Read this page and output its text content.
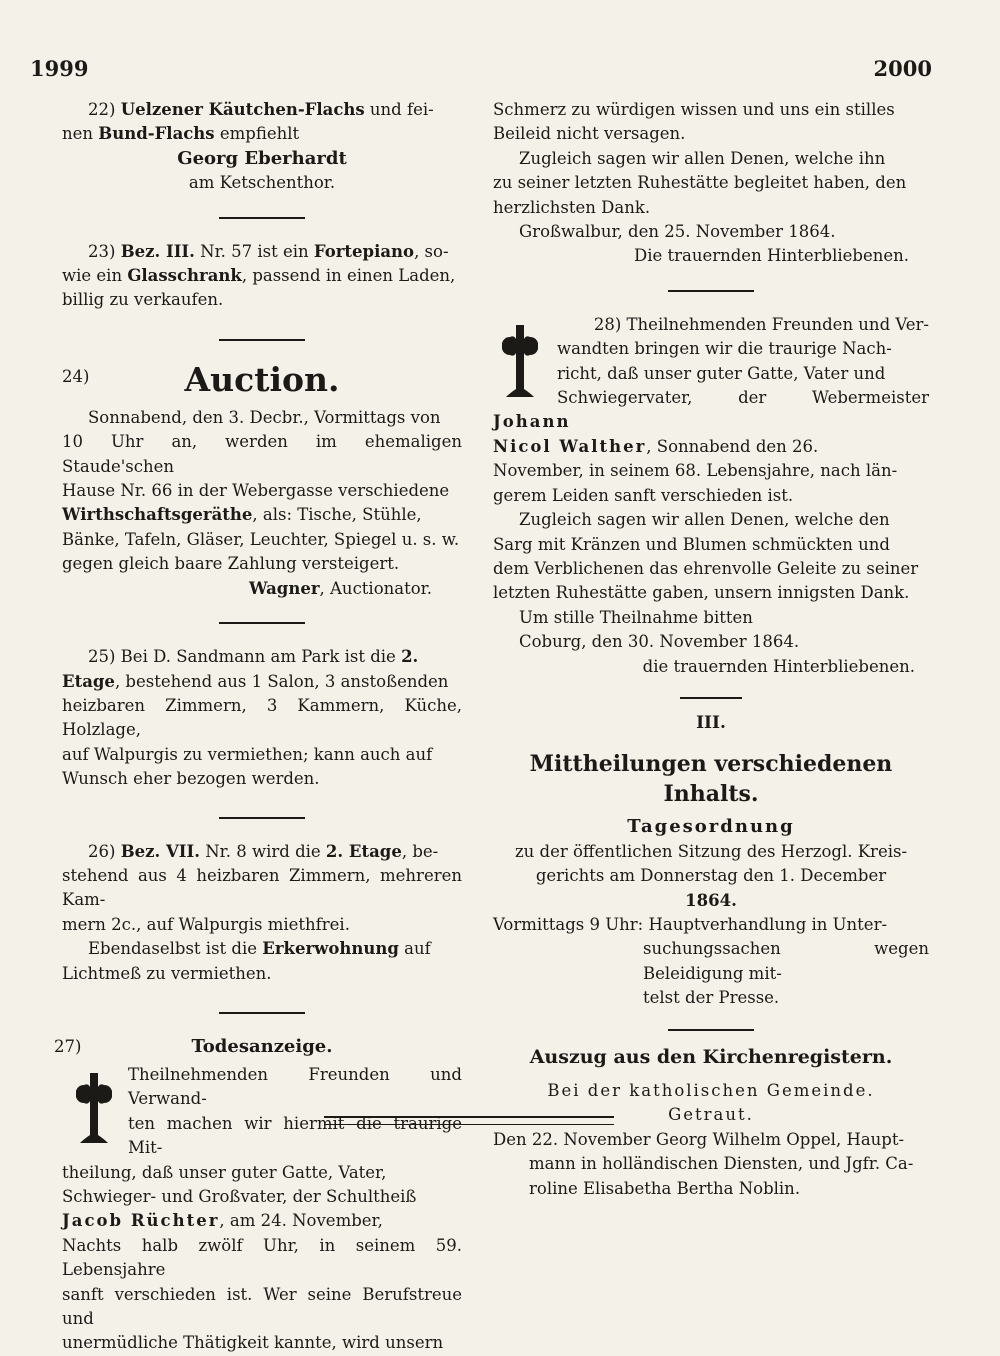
1999	2000

22) Uelzener Käutchen-Flachs und fei-

nen Bund-Flachs empfiehlt

Georg Eberhardt

am Ketschenthor.

23) Bez. III. Nr. 57 ist ein Fortepiano, so-

wie ein Glasschrank, passend in einen Laden,

billig zu verkaufen.

24)	Auction.

Sonnabend, den 3. Decbr., Vormittags von

10 Uhr an, werden im ehemaligen Staude'schen

Hause Nr. 66 in der Webergasse verschiedene

Wirthschaftsgeräthe, als: Tische, Stühle,

Bänke, Tafeln, Gläser, Leuchter, Spiegel u. s. w.

gegen gleich baare Zahlung versteigert.

Wagner, Auctionator.

25) Bei D. Sandmann am Park ist die 2.

Etage, bestehend aus 1 Salon, 3 anstoßenden

heizbaren Zimmern, 3 Kammern, Küche, Holzlage,

auf Walpurgis zu vermiethen; kann auch auf

Wunsch eher bezogen werden.

26) Bez. VII. Nr. 8 wird die 2. Etage, be-

stehend aus 4 heizbaren Zimmern, mehreren Kam-

mern 2c., auf Walpurgis miethfrei.

Ebendaselbst ist die Erkerwohnung auf

Lichtmeß zu vermiethen.

27)	Todesanzeige.

Theilnehmenden Freunden und Verwand-

ten machen wir hiermit die traurige Mit-

theilung, daß unser guter Gatte, Vater,

Schwieger- und Großvater, der Schultheiß

Jacob Rüchter, am 24. November,

Nachts halb zwölf Uhr, in seinem 59. Lebensjahre

sanft verschieden ist. Wer seine Berufstreue und

unermüdliche Thätigkeit kannte, wird unsern

Schmerz zu würdigen wissen und uns ein stilles

Beileid nicht versagen.

Zugleich sagen wir allen Denen, welche ihn

zu seiner letzten Ruhestätte begleitet haben, den

herzlichsten Dank.

Großwalbur, den 25. November 1864.

Die trauernden Hinterbliebenen.

28) Theilnehmenden Freunden und Ver-

wandten bringen wir die traurige Nach-

richt, daß unser guter Gatte, Vater und

Schwiegervater, der Webermeister Johann

Nicol Walther, Sonnabend den 26.

November, in seinem 68. Lebensjahre, nach län-

gerem Leiden sanft verschieden ist.

Zugleich sagen wir allen Denen, welche den

Sarg mit Kränzen und Blumen schmückten und

dem Verblichenen das ehrenvolle Geleite zu seiner

letzten Ruhestätte gaben, unsern innigsten Dank.

Um stille Theilnahme bitten

Coburg, den 30. November 1864.

die trauernden Hinterbliebenen.

III.
Mittheilungen verschiedenen Inhalts.
Tagesordnung

zu der öffentlichen Sitzung des Herzogl. Kreis-

gerichts am Donnerstag den 1. December

1864.

Vormittags 9 Uhr: Hauptverhandlung in Unter-

suchungssachen wegen Beleidigung mit-

telst der Presse.

Auszug aus den Kirchenregistern.

Bei der katholischen Gemeinde.

Getraut.

Den 22. November Georg Wilhelm Oppel, Haupt-

mann in holländischen Diensten, und Jgfr. Ca-

roline Elisabetha Bertha Noblin.
